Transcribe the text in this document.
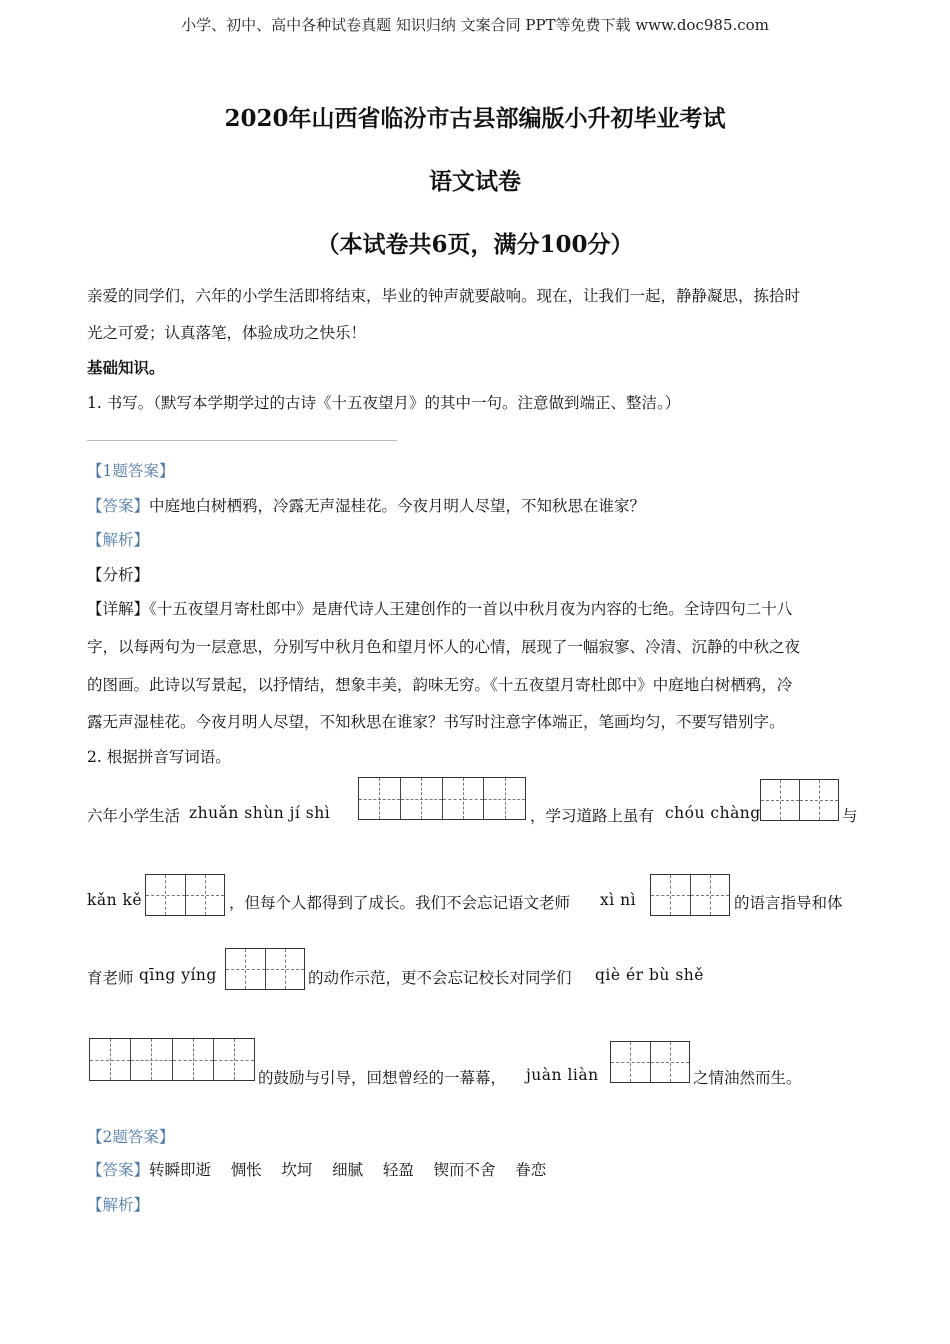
小学、初中、高中各种试卷真题 知识归纳 文案合同 PPT等免费下载 www.doc985.com
2020年山西省临汾市古县部编版小升初毕业考试
语文试卷
（本试卷共6页，满分100分）
亲爱的同学们，六年的小学生活即将结束，毕业的钟声就要敲响。现在，让我们一起，静静凝思，拣拾时
光之可爱；认真落笔，体验成功之快乐！
基础知识。
1. 书写。（默写本学期学过的古诗《十五夜望月》的其中一句。注意做到端正、整洁。）
【1题答案】
【答案】中庭地白树栖鸦，冷露无声湿桂花。今夜月明人尽望，不知秋思在谁家？
【解析】
【分析】
【详解】《十五夜望月寄杜郎中》是唐代诗人王建创作的一首以中秋月夜为内容的七绝。全诗四句二十八
字，以每两句为一层意思，分别写中秋月色和望月怀人的心情，展现了一幅寂寥、冷清、沉静的中秋之夜
的图画。此诗以写景起，以抒情结，想象丰美，韵味无穷。《十五夜望月寄杜郎中》中庭地白树栖鸦，冷
露无声湿桂花。今夜月明人尽望，不知秋思在谁家？书写时注意字体端正，笔画均匀，不要写错别字。
2. 根据拼音写词语。
六年小学生活 zhuǎn shùn jí shì	，学习道路上虽有 chóu chàng	与
kǎn kě	，但每个人都得到了成长。我们不会忘记语文老师 xì nì	的语言指导和体
育老师 qīng yíng	的动作示范，更不会忘记校长对同学们 qiè ér bù shě
的鼓励与引导，回想曾经的一幕幕， juàn liàn	之情油然而生。
【2题答案】
【答案】转瞬即逝    惆怅    坎坷    细腻    轻盈    锲而不舍    眷恋
【解析】
